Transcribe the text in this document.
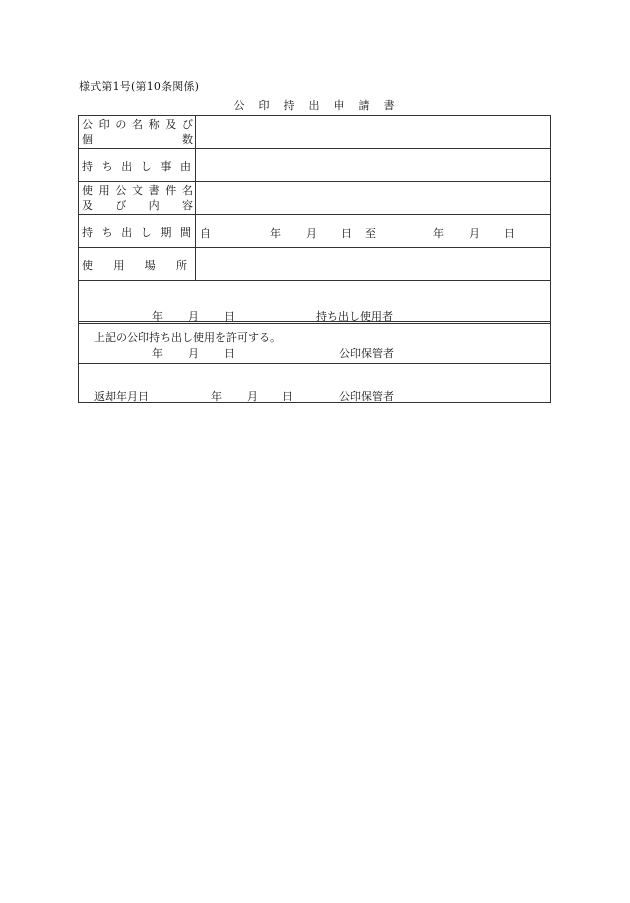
様式第1号(第10条関係)
公印持出申請書
公 印 の 名 称 及 び
個	数
持 ち 出 し 事 由
使 用 公 文 書 件 名
及 び 内 容
持 ち 出 し 期 間 自	年 月 日 至	年 月 日
使 用 場 所
年 月 日	持ち出し使用者
上記の公印持ち出し使用を許可する。
年 月 日	公印保管者
返却年月日	年 月 日	公印保管者
